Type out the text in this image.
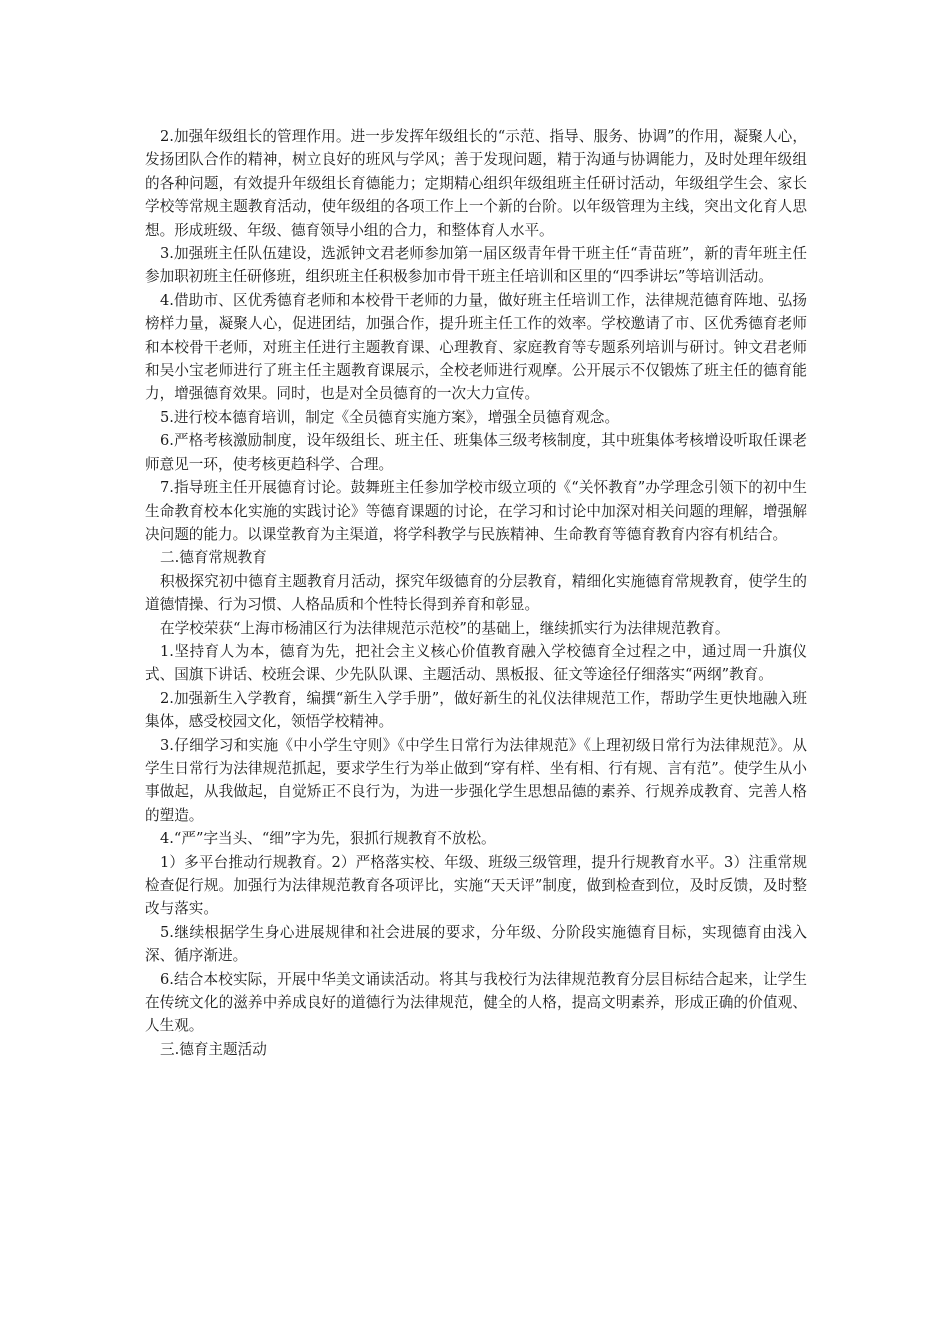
2.加强年级组长的管理作用。进一步发挥年级组长的“示范、指导、服务、协调”的作用，凝聚人心，发扬团队合作的精神，树立良好的班风与学风；善于发现问题，精于沟通与协调能力，及时处理年级组的各种问题，有效提升年级组长育德能力；定期精心组织年级组班主任研讨活动，年级组学生会、家长学校等常规主题教育活动，使年级组的各项工作上一个新的台阶。以年级管理为主线，突出文化育人思想。形成班级、年级、德育领导小组的合力，和整体育人水平。

3.加强班主任队伍建设，选派钟文君老师参加第一届区级青年骨干班主任“青苗班”，新的青年班主任参加职初班主任研修班，组织班主任积极参加市骨干班主任培训和区里的“四季讲坛”等培训活动。

4.借助市、区优秀德育老师和本校骨干老师的力量，做好班主任培训工作，法律规范德育阵地、弘扬榜样力量，凝聚人心，促进团结，加强合作，提升班主任工作的效率。学校邀请了市、区优秀德育老师和本校骨干老师，对班主任进行主题教育课、心理教育、家庭教育等专题系列培训与研讨。钟文君老师和吴小宝老师进行了班主任主题教育课展示，全校老师进行观摩。公开展示不仅锻炼了班主任的德育能力，增强德育效果。同时，也是对全员德育的一次大力宣传。

5.进行校本德育培训，制定《全员德育实施方案》，增强全员德育观念。

6.严格考核激励制度，设年级组长、班主任、班集体三级考核制度，其中班集体考核增设听取任课老师意见一环，使考核更趋科学、合理。

7.指导班主任开展德育讨论。鼓舞班主任参加学校市级立项的《“关怀教育”办学理念引领下的初中生生命教育校本化实施的实践讨论》等德育课题的讨论，在学习和讨论中加深对相关问题的理解，增强解决问题的能力。以课堂教育为主渠道，将学科教学与民族精神、生命教育等德育教育内容有机结合。

二.德育常规教育

积极探究初中德育主题教育月活动，探究年级德育的分层教育，精细化实施德育常规教育，使学生的道德情操、行为习惯、人格品质和个性特长得到养育和彰显。

在学校荣获“上海市杨浦区行为法律规范示范校”的基础上，继续抓实行为法律规范教育。

1.坚持育人为本，德育为先，把社会主义核心价值教育融入学校德育全过程之中，通过周一升旗仪式、国旗下讲话、校班会课、少先队队课、主题活动、黑板报、征文等途径仔细落实“两纲”教育。

2.加强新生入学教育，编撰“新生入学手册”，做好新生的礼仪法律规范工作，帮助学生更快地融入班集体，感受校园文化，领悟学校精神。

3.仔细学习和实施《中小学生守则》《中学生日常行为法律规范》《上理初级日常行为法律规范》。从学生日常行为法律规范抓起，要求学生行为举止做到“穿有样、坐有相、行有规、言有范”。使学生从小事做起，从我做起，自觉矫正不良行为，为进一步强化学生思想品德的素养、行规养成教育、完善人格的塑造。

4.“严”字当头、“细”字为先，狠抓行规教育不放松。

1）多平台推动行规教育。2）严格落实校、年级、班级三级管理，提升行规教育水平。3）注重常规检查促行规。加强行为法律规范教育各项评比，实施“天天评”制度，做到检查到位，及时反馈，及时整改与落实。

5.继续根据学生身心进展规律和社会进展的要求，分年级、分阶段实施德育目标，实现德育由浅入深、循序渐进。

6.结合本校实际，开展中华美文诵读活动。将其与我校行为法律规范教育分层目标结合起来，让学生在传统文化的滋养中养成良好的道德行为法律规范，健全的人格，提高文明素养，形成正确的价值观、人生观。

三.德育主题活动
